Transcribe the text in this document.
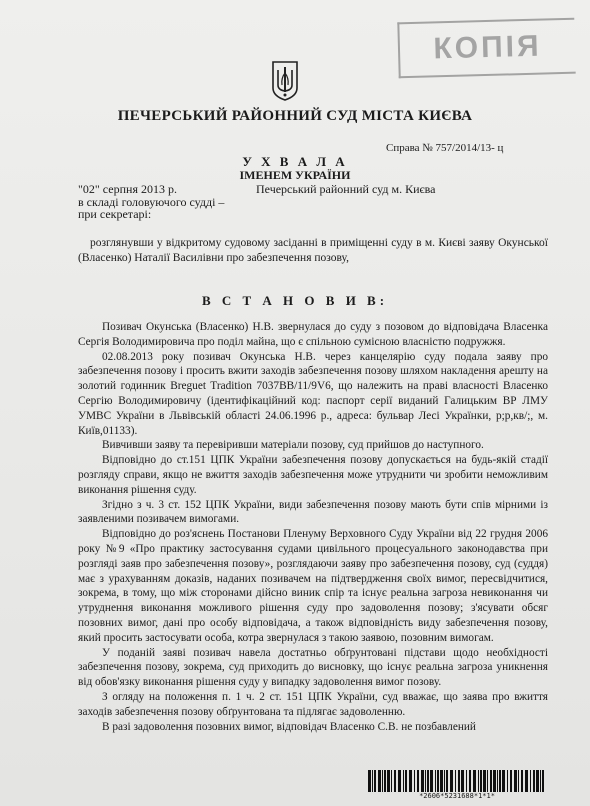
КОПІЯ
ПЕЧЕРСЬКИЙ РАЙОННИЙ СУД МІСТА КИЄВА
Справа № 757/2014/13- ц
У Х В А Л А
ІМЕНЕМ УКРАЇНИ
"02" серпня 2013 р.	Печерський районний суд м. Києва
в складі головуючого судді –
при секретарі:
розглянувши у відкритому судовому засіданні в приміщенні суду в м. Києві заяву Окунської (Власенко) Наталії Василівни про забезпечення позову,
В С Т А Н О В И В:

Позивач Окунська (Власенко) Н.В. звернулася до суду з позовом до відповідача Власенка Сергія Володимировича про поділ майна, що є спільною сумісною власністю подружжя.

02.08.2013 року позивач Окунська Н.В. через канцелярію суду подала заяву про забезпечення позову і просить вжити заходів забезпечення позову шляхом накладення арешту на золотий годинник Breguet Tradition 7037BB/11/9V6, що належить на праві власності Власенко Сергію Володимировичу (ідентифікаційний код: паспорт серії виданий Галицьким ВР ЛМУ УМВС України в Львівській області 24.06.1996 р., адреса: бульвар Лесі Українки, р;р,кв/;, м. Київ,01133).

Вивчивши заяву та перевіривши матеріали позову, суд прийшов до наступного.

Відповідно до ст.151 ЦПК України забезпечення позову допускається на будь-якій стадії розгляду справи, якщо не вжиття заходів забезпечення може утруднити чи зробити неможливим виконання рішення суду.

Згідно з ч. 3 ст. 152 ЦПК України, види забезпечення позову мають бути спів мірними із заявленими позивачем вимогами.

Відповідно до роз'яснень Постанови Пленуму Верховного Суду України від 22 грудня 2006 року №9 «Про практику застосування судами цивільного процесуального законодавства при розгляді заяв про забезпечення позову», розглядаючи заяву про забезпечення позову, суд (суддя) має з урахуванням доказів, наданих позивачем на підтвердження своїх вимог, пересвідчитися, зокрема, в тому, що між сторонами дійсно виник спір та існує реальна загроза невиконання чи утруднення виконання можливого рішення суду про задоволення позову; з'ясувати обсяг позовних вимог, дані про особу відповідача, а також відповідність виду забезпечення позову, який просить застосувати особа, котра звернулася з такою заявою, позовним вимогам.

У поданій заяві позивач навела достатньо обґрунтовані підстави щодо необхідності забезпечення позову, зокрема, суд приходить до висновку, що існує реальна загроза уникнення від обов'язку виконання рішення суду у випадку задоволення вимог позову.

З огляду на положення п. 1 ч. 2 ст. 151 ЦПК України, суд вважає, що заява про вжиття заходів забезпечення позову обґрунтована та підлягає задоволенню.

В разі задоволення позовних вимог, відповідач Власенко С.В. не позбавлений

*2606*5231688*1*1*
